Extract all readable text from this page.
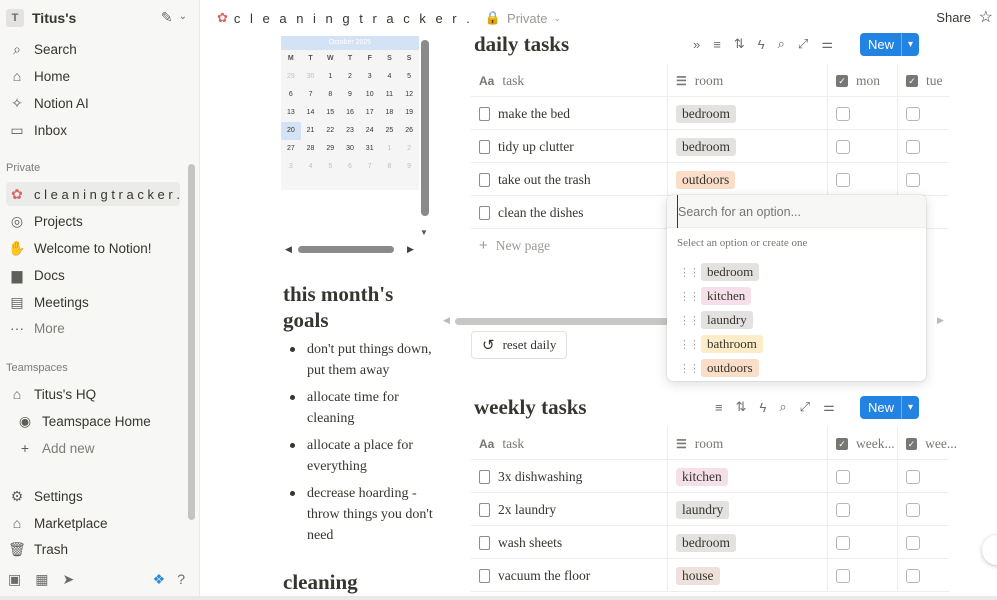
T Titus's	✎ ⌄
⌕ Search
⌂ Home
✧ Notion AI
▭ Inbox
Private
✿ c l e a n i n g t r a c k e r .
◎ Projects
✋ Welcome to Notion!
▆ Docs
▤ Meetings
··· More
Teamspaces
⌂ Titus's HQ
◉ Teamspace Home
+ Add new
⚙ Settings
⌂ Marketplace
🗑 Trash
▣ ▦ ➤	❖ ?
✿ c l e a n i n g t r a c k e r . 🔒 Private ⌄	Share ☆
October 2025
M	T	W	T	F	S	S
29	30	1	2	3	4	5
6	7	8	9	10	11	12
13	14	15	16	17	18	19
20	21	22	23	24	25	26
27	28	29	30	31	1	2
3	4	5	6	7	8	9
▼
◀	▶
this month's goals
don't put things down, put them away
allocate time for cleaning
allocate a place for everything
decrease hoarding - throw things you don't need
cleaning
daily tasks	» ≡ ⇅ ϟ ⌕ ⤢ ⚌	New	▾
Aa task	☰ room	✓ mon	✓ tue
make the bed	bedroom
tidy up clutter	bedroom
take out the trash	outdoors
clean the dishes
+ New page
◀	▶
↺ reset daily
weekly tasks	≡ ⇅ ϟ ⌕ ⤢ ⚌	New	▾
Aa task	☰ room	✓ week... ✓ wee...
3x dishwashing	kitchen
2x laundry	laundry
wash sheets	bedroom
vacuum the floor	house
Search for an option...
Select an option or create one
⋮⋮ bedroom
⋮⋮ kitchen
⋮⋮ laundry
⋮⋮ bathroom
⋮⋮ outdoors
